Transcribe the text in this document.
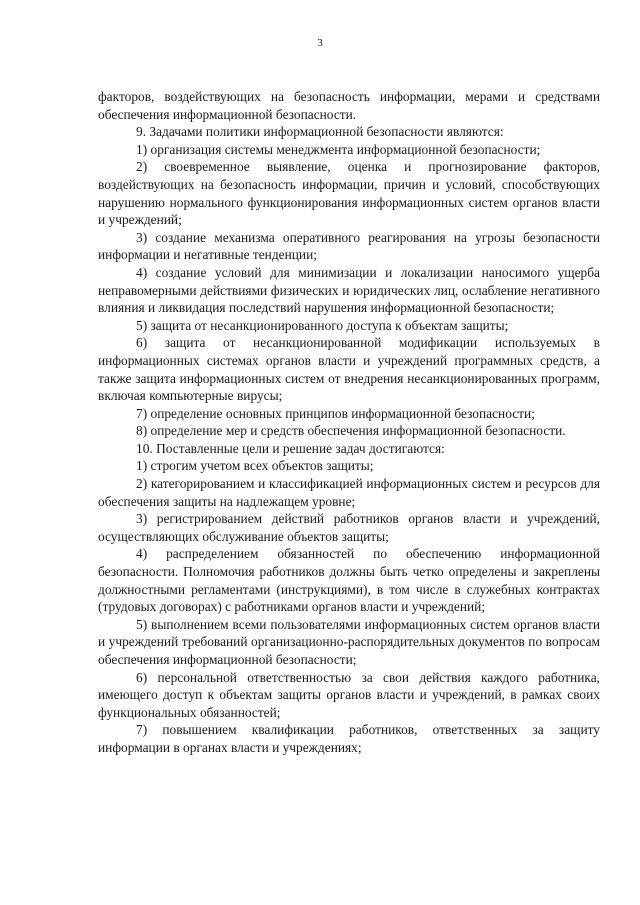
3

факторов, воздействующих на безопасность информации, мерами и средствами обеспечения информационной безопасности.

9. Задачами политики информационной безопасности являются:

1) организация системы менеджмента информационной безопасности;

2) своевременное выявление, оценка и прогнозирование факторов, воздействующих на безопасность информации, причин и условий, способствующих нарушению нормального функционирования информационных систем органов власти и учреждений;

3) создание механизма оперативного реагирования на угрозы безопасности информации и негативные тенденции;

4) создание условий для минимизации и локализации наносимого ущерба неправомерными действиями физических и юридических лиц, ослабление негативного влияния и ликвидация последствий нарушения информационной безопасности;

5) защита от несанкционированного доступа к объектам защиты;

6) защита от несанкционированной модификации используемых в информационных системах органов власти и учреждений программных средств, а также защита информационных систем от внедрения несанкционированных программ, включая компьютерные вирусы;

7) определение основных принципов информационной безопасности;

8) определение мер и средств обеспечения информационной безопасности.

10. Поставленные цели и решение задач достигаются:

1) строгим учетом всех объектов защиты;

2) категорированием и классификацией информационных систем и ресурсов для обеспечения защиты на надлежащем уровне;

3) регистрированием действий работников органов власти и учреждений, осуществляющих обслуживание объектов защиты;

4) распределением обязанностей по обеспечению информационной безопасности. Полномочия работников должны быть четко определены и закреплены должностными регламентами (инструкциями), в том числе в служебных контрактах (трудовых договорах) с работниками органов власти и учреждений;

5) выполнением всеми пользователями информационных систем органов власти и учреждений требований организационно-распорядительных документов по вопросам обеспечения информационной безопасности;

6) персональной ответственностью за свои действия каждого работника, имеющего доступ к объектам защиты органов власти и учреждений, в рамках своих функциональных обязанностей;

7) повышением квалификации работников, ответственных за защиту информации в органах власти и учреждениях;
